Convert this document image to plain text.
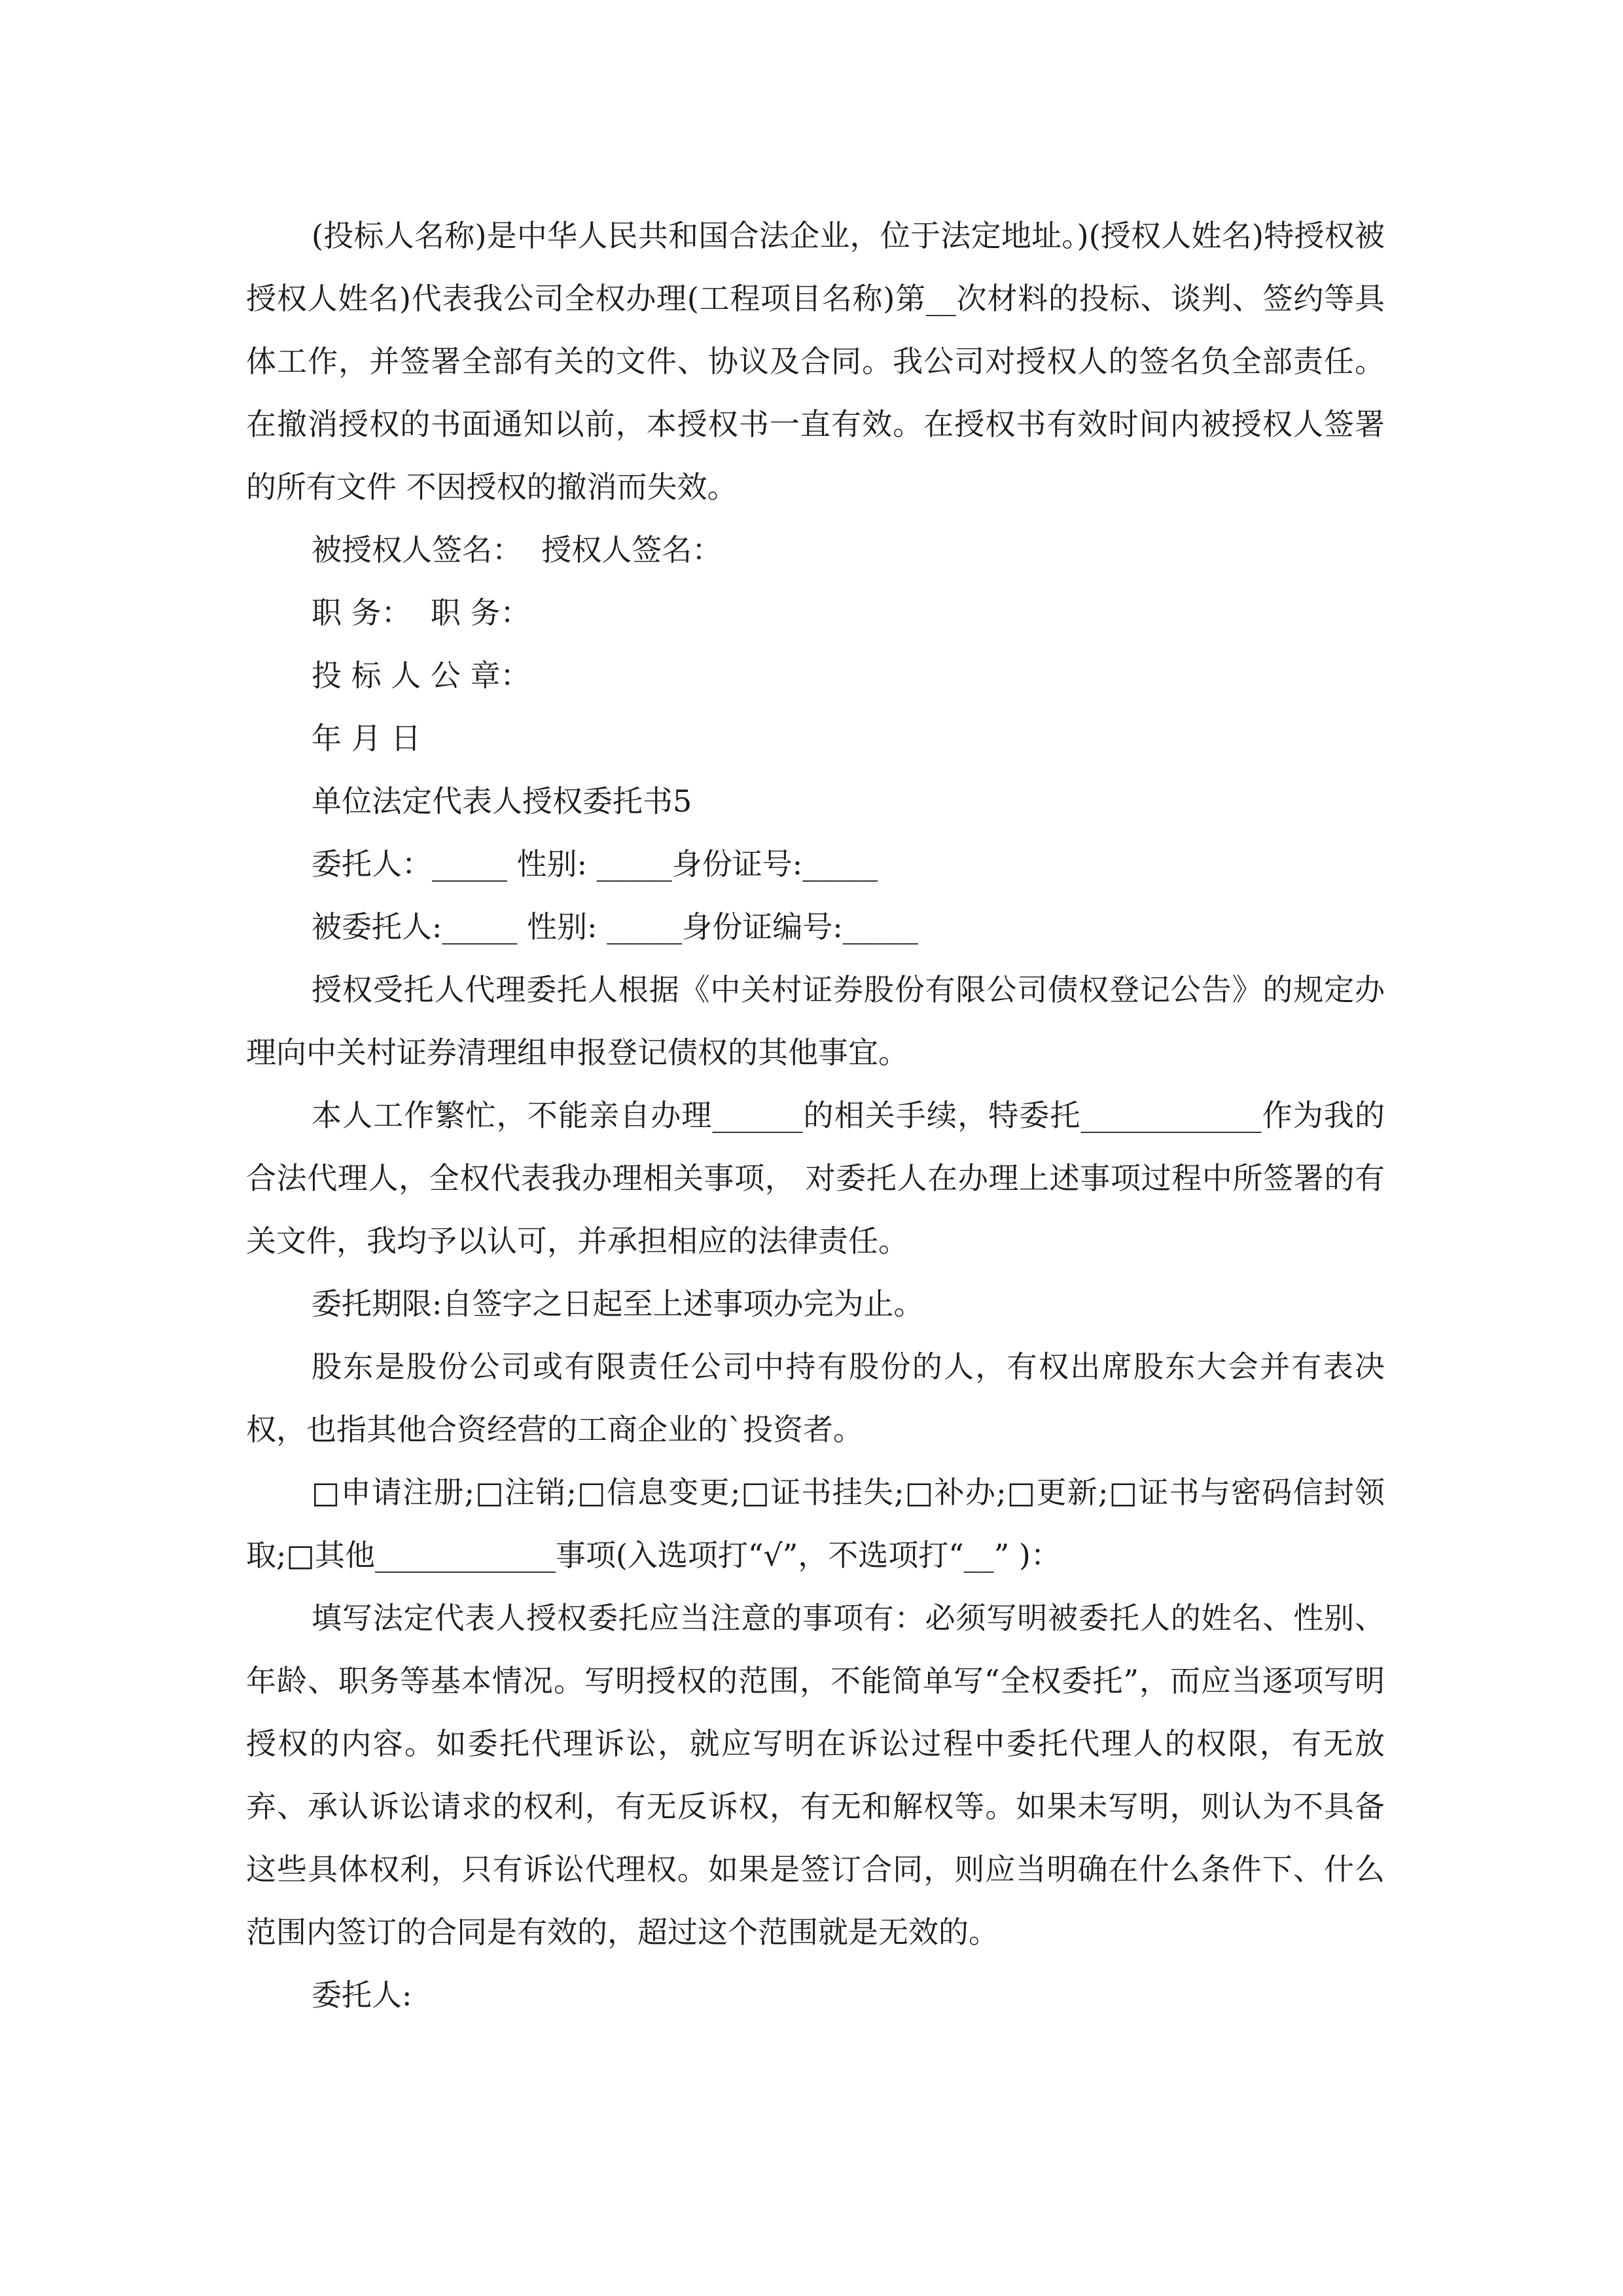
(投标人名称)是中华人民共和国合法企业，位于法定地址。)(授权人姓名)特授权被授权人姓名)代表我公司全权办理(工程项目名称)第__次材料的投标、谈判、签约等具体工作，并签署全部有关的文件、协议及合同。我公司对授权人的签名负全部责任。在撤消授权的书面通知以前，本授权书一直有效。在授权书有效时间内被授权人签署的所有文件 不因授权的撤消而失效。

被授权人签名：  授权人签名：

职 务：  职 务：

投 标 人 公 章：

年 月 日

单位法定代表人授权委托书5

委托人：_____ 性别: _____身份证号:_____

被委托人:_____ 性别: _____身份证编号:_____

授权受托人代理委托人根据《中关村证券股份有限公司债权登记公告》的规定办理向中关村证券清理组申报登记债权的其他事宜。

本人工作繁忙，不能亲自办理______的相关手续，特委托____________作为我的合法代理人，全权代表我办理相关事项， 对委托人在办理上述事项过程中所签署的有关文件，我均予以认可，并承担相应的法律责任。

委托期限:自签字之日起至上述事项办完为止。

股东是股份公司或有限责任公司中持有股份的人，有权出席股东大会并有表决权，也指其他合资经营的工商企业的`投资者。

□申请注册;□注销;□信息变更;□证书挂失;□补办;□更新;□证书与密码信封领取;□其他____________事项(入选项打“√”，不选项打“__” )：

填写法定代表人授权委托应当注意的事项有：必须写明被委托人的姓名、性别、年龄、职务等基本情况。写明授权的范围，不能简单写“全权委托”，而应当逐项写明授权的内容。如委托代理诉讼，就应写明在诉讼过程中委托代理人的权限，有无放弃、承认诉讼请求的权利，有无反诉权，有无和解权等。如果未写明，则认为不具备这些具体权利，只有诉讼代理权。如果是签订合同，则应当明确在什么条件下、什么范围内签订的合同是有效的，超过这个范围就是无效的。

委托人:
